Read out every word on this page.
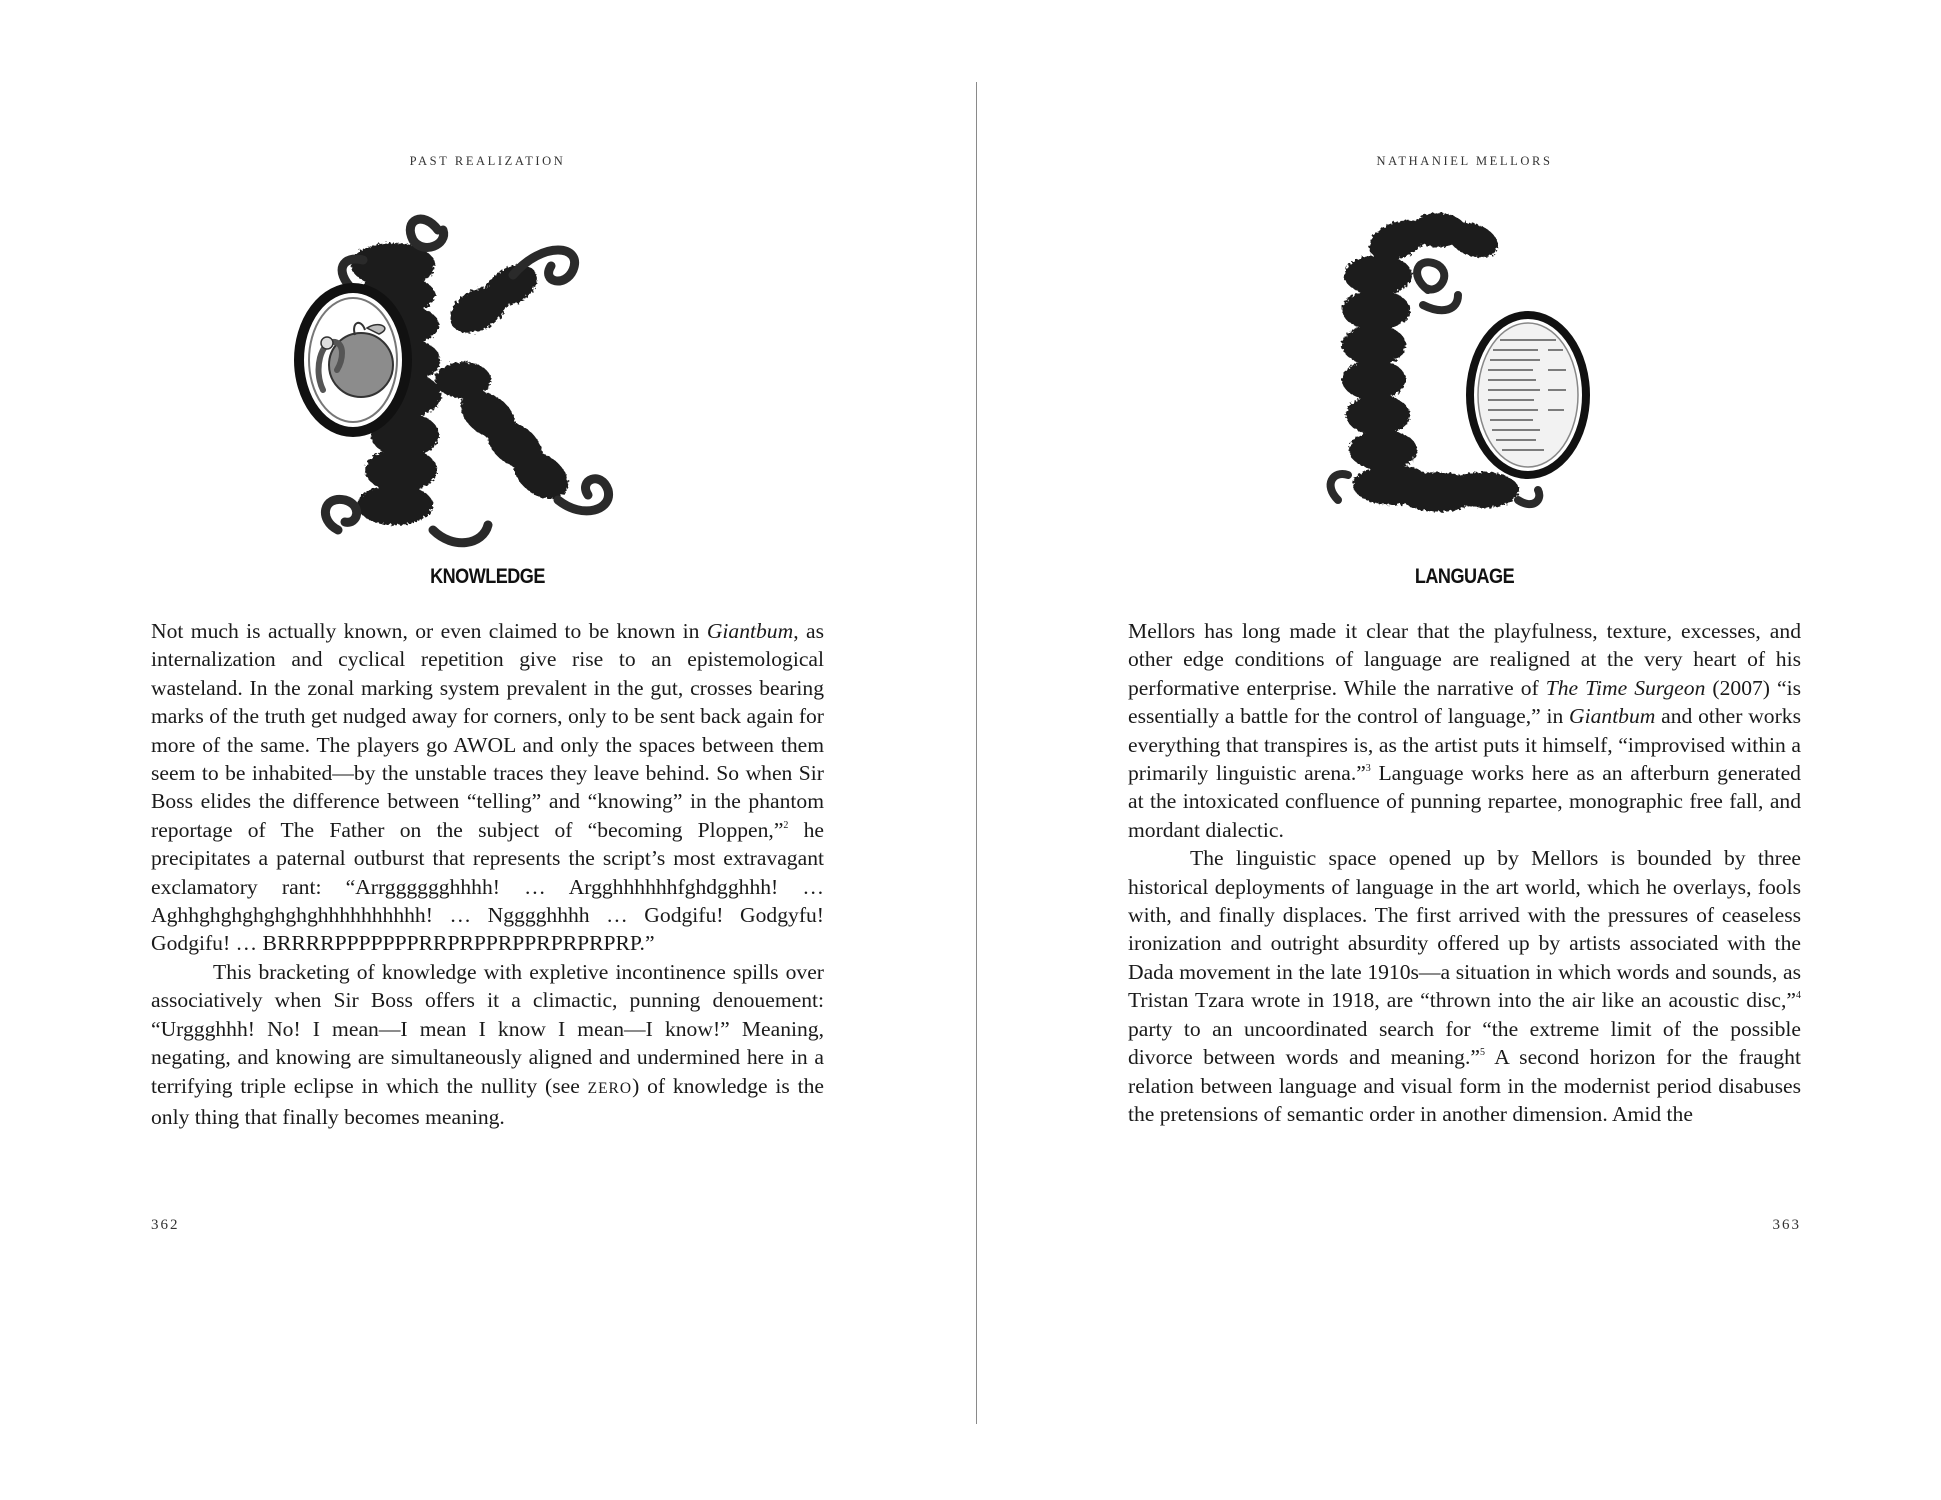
PAST REALIZATION
KNOWLEDGE

Not much is actually known, or even claimed to be known in Giantbum, as internalization and cyclical repetition give rise to an epistemological wasteland. In the zonal marking system prevalent in the gut, crosses bearing marks of the truth get nudged away for corners, only to be sent back again for more of the same. The players go AWOL and only the spaces between them seem to be inhabited—by the unstable traces they leave behind. So when Sir Boss elides the difference between “telling” and “knowing” in the phantom reportage of The Father on the subject of “becoming Ploppen,”$^2$ he precipitates a paternal outburst that represents the script’s most extravagant exclamatory rant: “Arrgggggghhhh! … Argghhhhhhfghdgghhh! … Aghhghghghghghghhhhhhhhhh! … Ngggghhhh … Godgifu! Godgyfu! Godgifu! … BRRRRPPPPPPPRRPRPPRPPRPRPRPRP.”

This bracketing of knowledge with expletive incontinence spills over associatively when Sir Boss offers it a climactic, punning denouement: “Urggghhh! No! I mean—I mean I know I mean—I know!” Meaning, negating, and knowing are simultaneously aligned and undermined here in a terrifying triple eclipse in which the nullity (see ZERO) of knowledge is the only thing that finally becomes meaning.

362
NATHANIEL MELLORS
LANGUAGE

Mellors has long made it clear that the playfulness, texture, excesses, and other edge conditions of language are realigned at the very heart of his performative enterprise. While the narrative of The Time Surgeon (2007) “is essentially a battle for the control of language,” in Giantbum and other works everything that transpires is, as the artist puts it himself, “improvised within a primarily linguistic arena.”$^3$ Language works here as an afterburn generated at the intoxicated confluence of punning repartee, monographic free fall, and mordant dialectic.

The linguistic space opened up by Mellors is bounded by three historical deployments of language in the art world, which he overlays, fools with, and finally displaces. The first arrived with the pressures of ceaseless ironization and outright absurdity offered up by artists associated with the Dada movement in the late 1910s—a situation in which words and sounds, as Tristan Tzara wrote in 1918, are “thrown into the air like an acoustic disc,”$^4$ party to an uncoordinated search for “the extreme limit of the possible divorce between words and meaning.”$^5$ A second horizon for the fraught relation between language and visual form in the modernist period disabuses the pretensions of semantic order in another dimension. Amid the

363
